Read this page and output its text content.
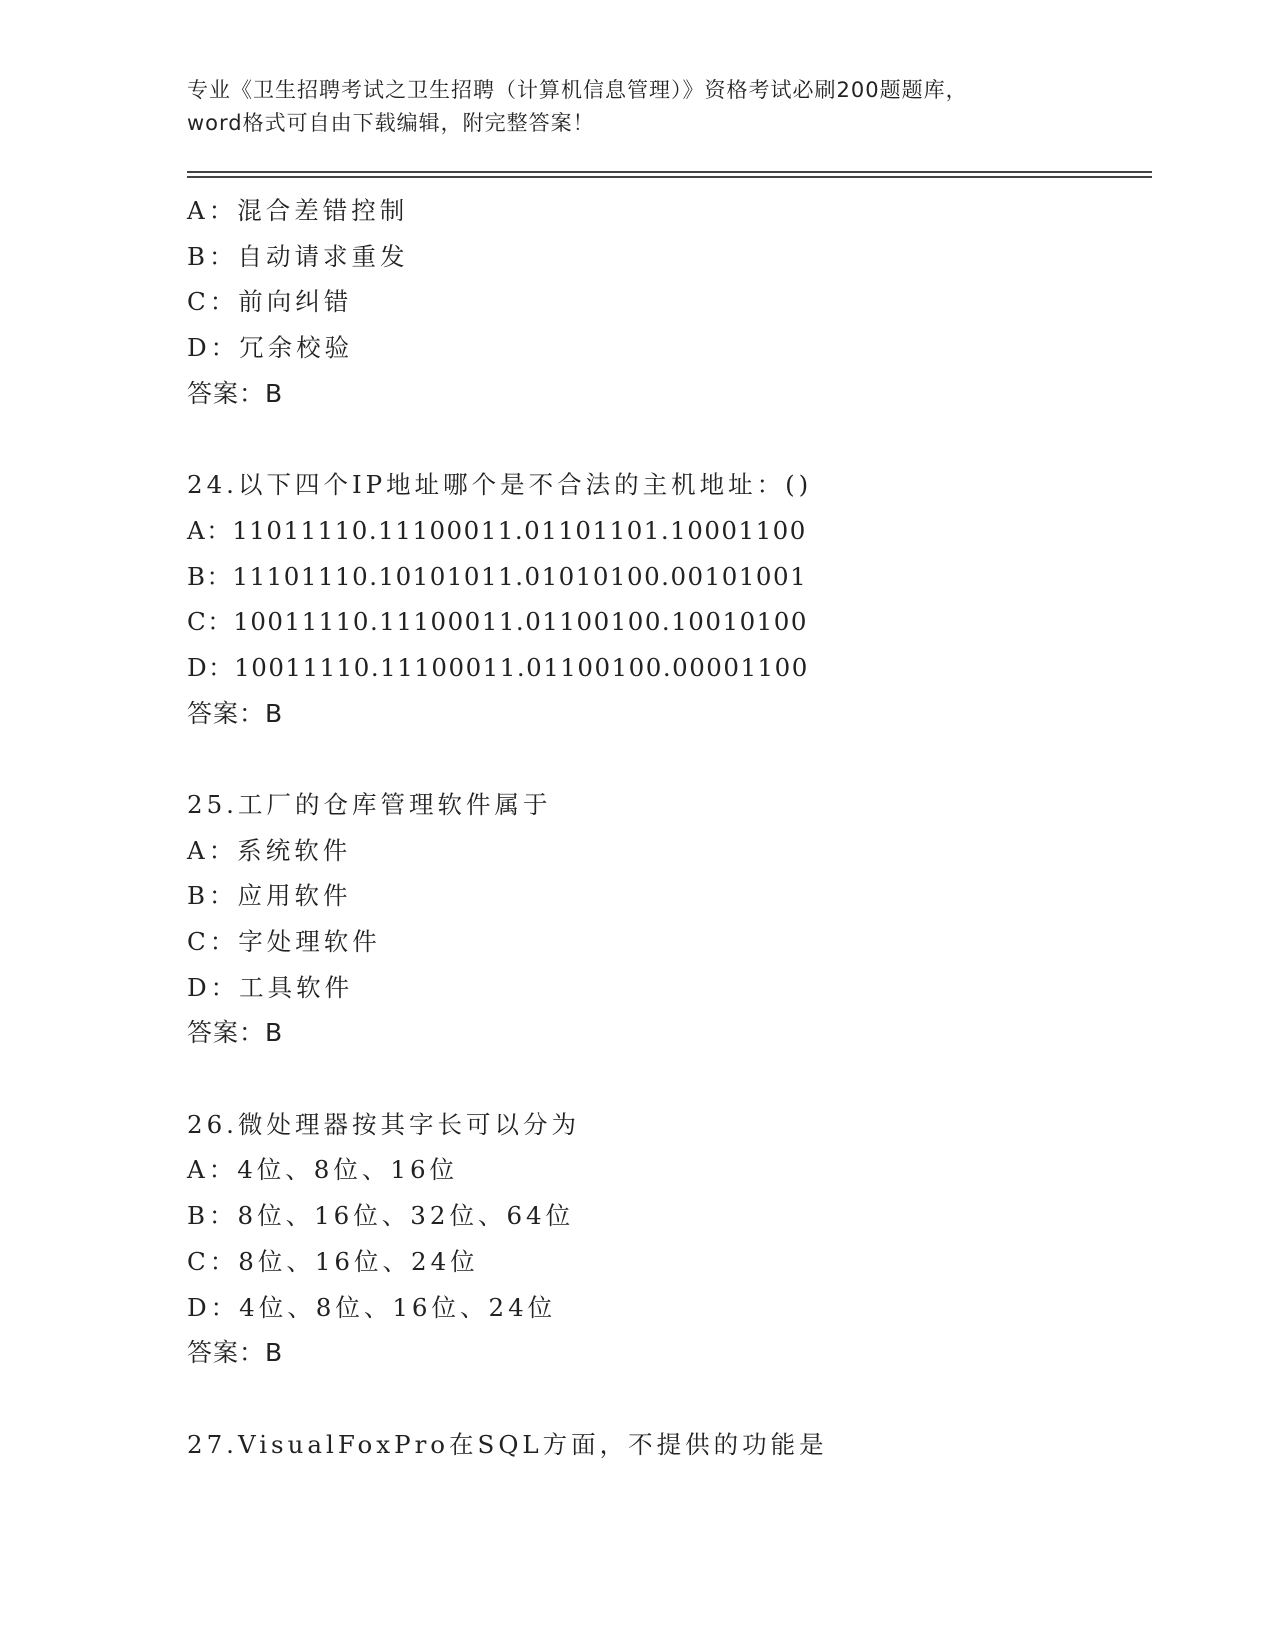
专业《卫生招聘考试之卫生招聘（计算机信息管理）》资格考试必刷200题题库，
word格式可自由下载编辑，附完整答案！
A：混合差错控制
B：自动请求重发
C：前向纠错
D：冗余校验
答案：B
24.以下四个IP地址哪个是不合法的主机地址：()
A：11011110.11100011.01101101.10001100
B：11101110.10101011.01010100.00101001
C：10011110.11100011.01100100.10010100
D：10011110.11100011.01100100.00001100
答案：B
25.工厂的仓库管理软件属于
A：系统软件
B：应用软件
C：字处理软件
D：工具软件
答案：B
26.微处理器按其字长可以分为
A：4位、8位、16位
B：8位、16位、32位、64位
C：8位、16位、24位
D：4位、8位、16位、24位
答案：B
27.VisualFoxPro在SQL方面，不提供的功能是
